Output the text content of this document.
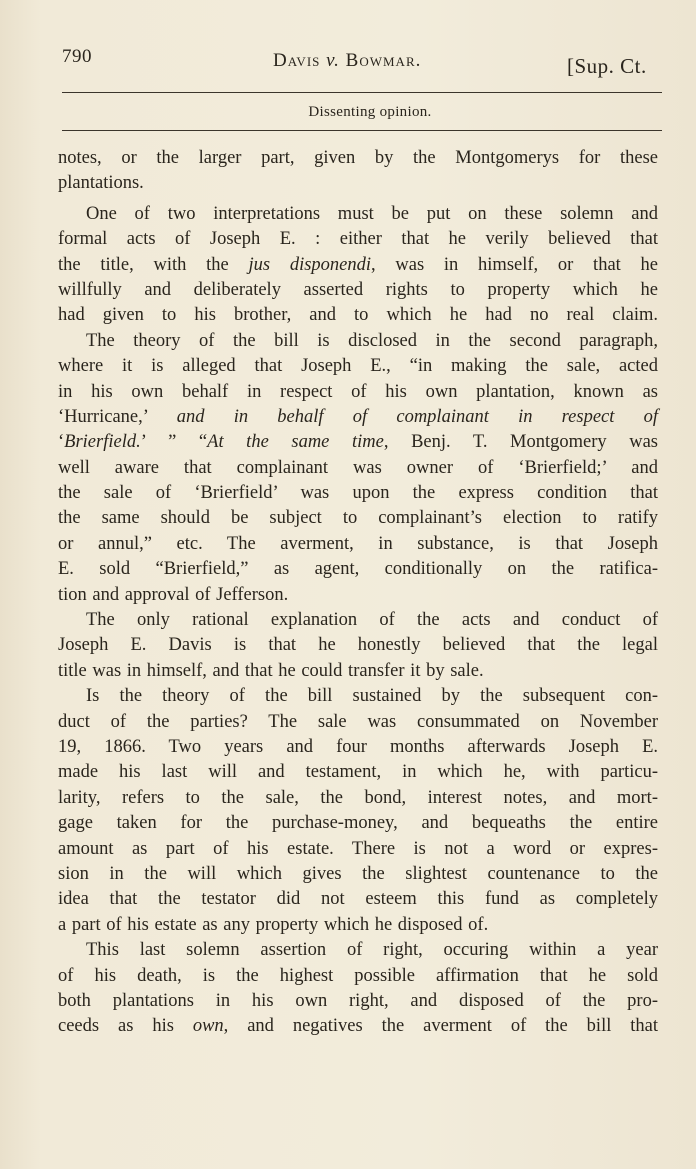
790	Davis v. Bowmar.	[Sup. Ct.
Dissenting opinion.
notes, or the larger part, given by the Montgomerys for these
plantations.
One of two interpretations must be put on these solemn and
formal acts of Joseph E. : either that he verily believed that
the title, with the jus disponendi, was in himself, or that he
willfully and deliberately asserted rights to property which he
had given to his brother, and to which he had no real claim.
The theory of the bill is disclosed in the second paragraph,
where it is alleged that Joseph E., “in making the sale, acted
in his own behalf in respect of his own plantation, known as
‘Hurricane,’ and in behalf of complainant in respect of
‘Brierfield.’ ” “At the same time, Benj. T. Montgomery was
well aware that complainant was owner of ‘Brierfield;’ and
the sale of ‘Brierfield’ was upon the express condition that
the same should be subject to complainant’s election to ratify
or annul,” etc. The averment, in substance, is that Joseph
E. sold “Brierfield,” as agent, conditionally on the ratifica-
tion and approval of Jefferson.
The only rational explanation of the acts and conduct of
Joseph E. Davis is that he honestly believed that the legal
title was in himself, and that he could transfer it by sale.
Is the theory of the bill sustained by the subsequent con-
duct of the parties? The sale was consummated on November
19, 1866. Two years and four months afterwards Joseph E.
made his last will and testament, in which he, with particu-
larity, refers to the sale, the bond, interest notes, and mort-
gage taken for the purchase-money, and bequeaths the entire
amount as part of his estate. There is not a word or expres-
sion in the will which gives the slightest countenance to the
idea that the testator did not esteem this fund as completely
a part of his estate as any property which he disposed of.
This last solemn assertion of right, occuring within a year
of his death, is the highest possible affirmation that he sold
both plantations in his own right, and disposed of the pro-
ceeds as his own, and negatives the averment of the bill that
